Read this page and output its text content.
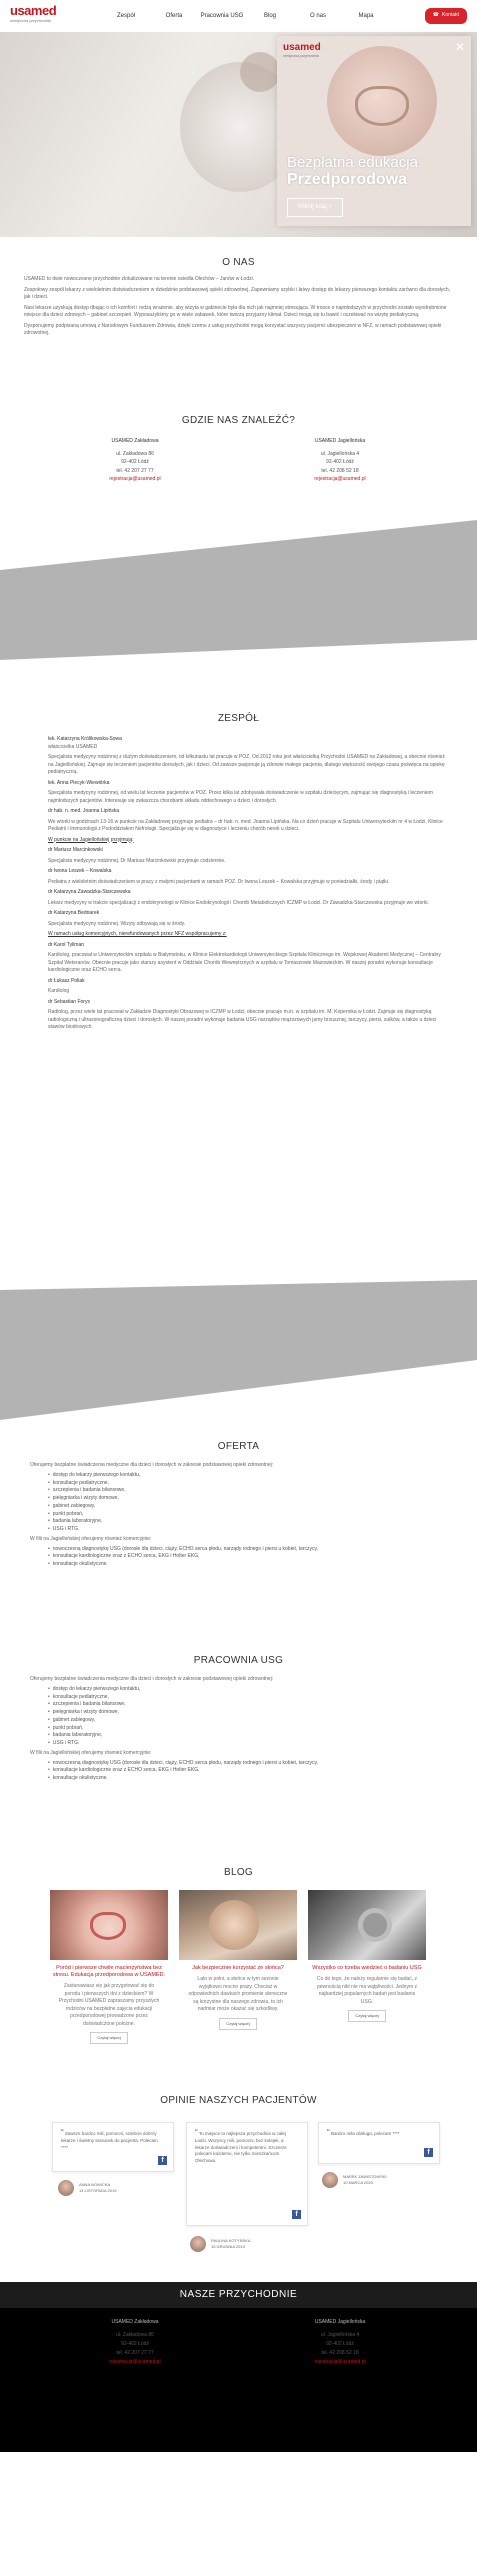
usamed
medyczna przychodnia
Zespół	Oferta	Pracownia USG	Blog	O nas	Mapa	☎ Kontakt
usamed
medyczna przychodnia
✕
Bezpłatna edukacja
Przedporodowa
Kliknij tutaj >
O NAS

USAMED to dwie nowoczesne przychodnie zlokalizowane na terenie osiedla Olechów – Janów w Łodzi.

Zespołowy zespół lekarzy z wieloletnim doświadczeniem w dziedzinie podstawowej opieki zdrowotnej. Zapewniamy szybki i łatwy dostęp do lekarzy pierwszego kontaktu zarówno dla dorosłych, jak i dzieci.

Nasi lekarze uzyskują dostęp dbając o ich komfort i rodzą wrażenie, aby wizyta w gabinecie była dla nich jak najmniej stresująca. W trosce o najmłodszych w przychodni zostało wyodrębnione miejsce dla dzieci zdrowych – gabinet szczepień. Wyposażyliśmy go w wiele zabawek, które tworzą przyjazny klimat. Dzieci mogą się tu bawić i oczekiwać na wizytę pediatryczną.

Dysponujemy podpisaną umową z Narodowym Funduszem Zdrowia, dzięki czemu z usług przychodni mogą korzystać wszyscy pacjenci ubezpieczeni w NFZ, w ramach podstawowej opieki zdrowotnej.

GDZIE NAS ZNALEŹĆ?
USAMED Zakładowa
ul. Zakładowa 86
92-402 Łódź
tel. 42 207 27 77
rejestracja@usamed.pl
USAMED Jagiellońska
ul. Jagiellońska 4
92-402 Łódź
tel. 42 208 52 18
rejestracja@usamed.pl
ZESPÓŁ
lek. Katarzyna Królikowska-Sowa
właścicielka USAMED
Specjalista medycyny rodzinnej z dużym doświadczeniem, od kilkunastu lat pracuje w POZ. Od 2012 roku jest właścicielką Przychodni USAMED na Zakładowej, a obecnie również na Jagiellońskiej. Zajmuje się leczeniem pacjentów dorosłych, jak i dzieci. Od zawsze pasjonuje ją zdrowie małego pacjenta, dlatego większość swojego czasu poświęca na opiekę pediatryczną.
lek. Anna Piecyk-Wiewiórka
Specjalista medycyny rodzinnej, od wielu lat leczenie pacjentów w POZ. Przez kilka lat zdobywała doświadczenie w szpitalu dziecięcym, zajmując się diagnostyką i leczeniem najmłodszych pacjentów. Interesuje się zwłaszcza chorobami układu oddechowego u dzieci i dorosłych.
dr hab. n. med. Joanna Lipińska
We wtorki w godzinach 13-16 w punkcie na Zakładowej przyjmuje pediatra – dr hab. n. med. Joanna Lipińska. Na co dzień pracuje w Szpitalu Uniwersyteckim nr 4 w Łodzi, Klinice Pediatrii i Immunologii z Pododdziałem Nefrologii. Specjalizuje się w diagnostyce i leczeniu chorób nerek u dzieci.
W punkcie na Jagiellońskiej przyjmują:
dr Mariusz Marcinkowski
Specjalista medycyny rodzinnej. Dr Mariusz Marcinkowski przyjmuje codziennie.
dr Iwona Leszek – Kowalska
Pediatra z wieloletnim doświadczeniem w pracy z małymi pacjentami w ramach POZ. Dr Iwona Leszek – Kowalska przyjmuje w poniedziałki, środy i piątki.
dr Katarzyna Zawadzka-Starczewska
Lekarz medycyny w trakcie specjalizacji z endokrynologii w Klinice Endokrynologii i Chorób Metabolicznych ICZMP w Łodzi. Dr Zawadzka-Starczewska przyjmuje we wtorki.
dr Katarzyna Bednarek
Specjalista medycyny rodzinnej. Wizyty odbywają się w środy.
W ramach usług komercyjnych, nierefundowanych przez NFZ współpracujemy z:
dr Karol Tyliman
Kardiolog, pracował w Uniwersyteckim szpitalu w Białymstoku, w Klinice Elektrokardiologii Uniwersyteckiego Szpitala Klinicznego im. Wojskowej Akademii Medycznej – Centralny Szpital Weteranów. Obecnie pracuje jako starszy asystent w Oddziale Chorób Wewnętrznych w szpitalu w Tomaszowie Mazowieckim. W naszej poradni wykonuje konsultacje kardiologiczne oraz ECHO serca.
dr Łukasz Poliak
Kardiolog
dr Sebastian Forys
Radiolog, przez wiele lat pracował w Zakładzie Diagnostyki Obrazowej w ICZMP w Łodzi, obecnie pracuje m.in. w szpitalu im. M. Kopernika w Łodzi. Zajmuje się diagnostyką radiologiczną i ultrasonograficzną dzieci i dorosłych. W naszej poradni wykonuje badania USG narządów miąższowych jamy brzusznej, tarczycy, piersi, sutków, a także u dzieci stawów biodrowych.
OFERTA
Oferujemy bezpłatne świadczenia medyczne dla dzieci i dorosłych w zakresie podstawowej opieki zdrowotnej:
• dostęp do lekarzy pierwszego kontaktu,
• konsultacje pediatryczne,
• szczepienia i badania bilansowe,
• pielęgniarka i wizyty domowe,
• gabinet zabiegowy,
• punkt pobrań,
• badania laboratoryjne,
• USG i RTG.
W filii na Jagiellońskiej oferujemy również komercyjnie:
• nowoczesną diagnostykę USG (dorosłe dla dzieci, ciąży, ECHO serca płodu, narządy rodnego i piersi u kobiet, tarczycy,
• konsultacje kardiologiczne oraz z ECHO serca, EKG i Holter EKG,
• konsultacje okulistyczne.
PRACOWNIA USG
Oferujemy bezpłatne świadczenia medyczne dla dzieci i dorosłych w zakresie podstawowej opieki zdrowotnej:
• dostęp do lekarzy pierwszego kontaktu,
• konsultacje pediatryczne,
• szczepienia i badania bilansowe,
• pielęgniarka i wizyty domowe,
• gabinet zabiegowy,
• punkt pobrań,
• badania laboratoryjne,
• USG i RTG.
W filii na Jagiellońskiej oferujemy również komercyjnie:
• nowoczesną diagnostykę USG (dorosłe dla dzieci, ciąży, ECHO serca płodu, narządy rodnego i piersi u kobiet, tarczycy,
• konsultacje kardiologiczne oraz z ECHO serca, EKG i Holter EKG,
• konsultacje okulistyczne.
BLOG
Poród i pierwsze chwile macierzyństwa bez stresu. Edukacja przedporodowa w USAMED.
Zastanawiasz się jak przygotować się do porodu i pierwszych dni z dzieckiem? W Przychodni USAMED zapraszamy przyszłych rodziców na bezpłatne zajęcia edukacji przedporodowej prowadzone przez doświadczone położne.
Czytaj więcej
Jak bezpiecznie korzystać ze słońca?
Lato w pełni, a słońce w tym sezonie wyjątkowo mocno praży. Chociaż w odpowiednich dawkach promienie słoneczne są korzystne dla naszego zdrowia, to ich nadmiar może okazać się szkodliwy.
Czytaj więcej
Wszystko co trzeba wiedzieć o badaniu USG
Co do tego, że należy regularnie się badać, z pewnością nikt nie ma wątpliwości. Jednym z najbardziej popularnych badań jest badanie USG.
Czytaj więcej
OPINIE NASZYCH PACJENTÓW
“ Zawsze bardzo mili, pomocni, sziebcie dobrzy lekarze i świetny stosunek do pacjenta. Polecam ****
f
ANNA NOWICKA
14 LISTOPADA 2019
“ To miejsce to najlepsza przychodnia w całej Łodzi. Wszyscy mili, pomocni, bez kolejek, a lekarze doświadczeni i kompetentni. Szczerze polecam każdemu, nie tylko mieszkańcom Olechowa.
f
PAULINA KOTYŃSKA
15 GRUDNIA 2019
“ Bardzo miła obsługa, polecam ****
f
MAREK ZAWISTOWSKI
10 MARCA 2020
NASZE PRZYCHODNIE
USAMED Zakładowa
ul. Zakładowa 86
92-402 Łódź
tel. 42 207 27 77
rejestracja@usamed.pl
USAMED Jagiellońska
ul. Jagiellońska 4
92-402 Łódź
tel. 42 208 52 18
rejestracja@usamed.pl
